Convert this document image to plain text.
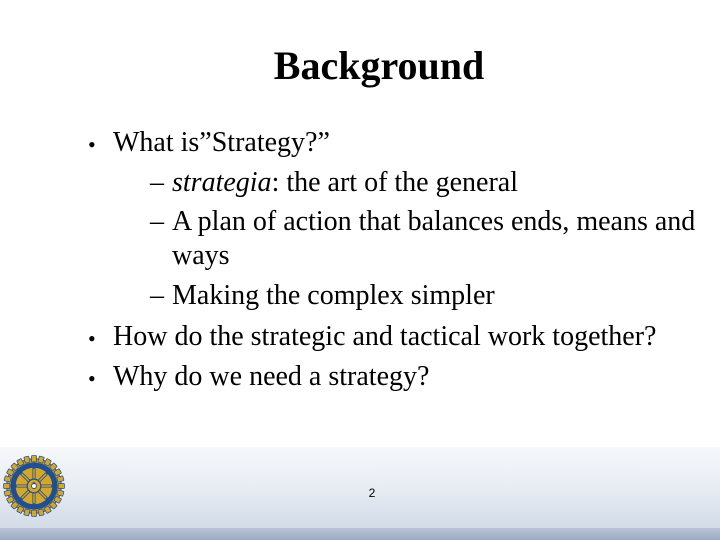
Background
• What is”Strategy?”
– strategia: the art of the general
– A plan of action that balances ends, means and
ways
– Making the complex simpler
• How do the strategic and tactical work together?
• Why do we need a strategy?
2
